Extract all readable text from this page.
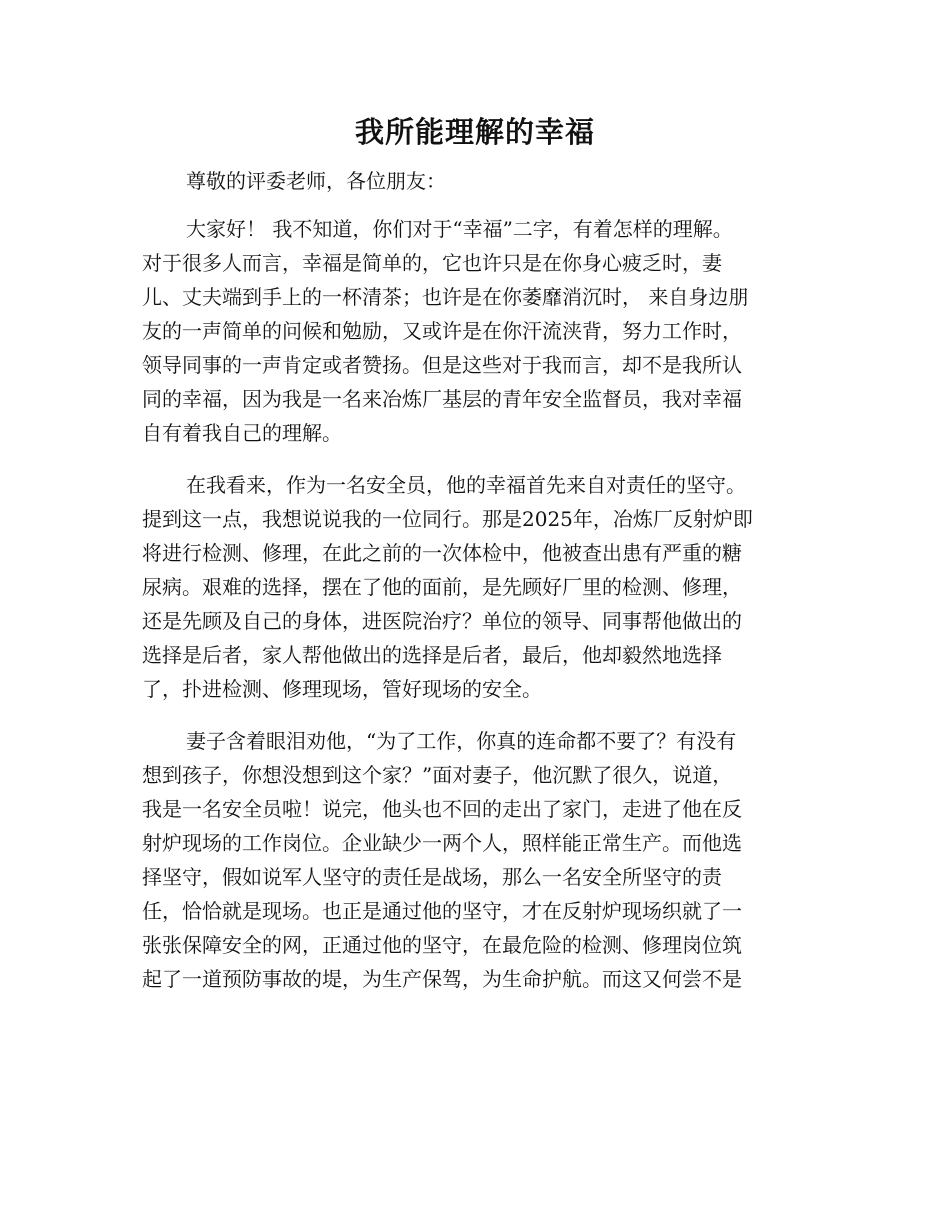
我所能理解的幸福
尊敬的评委老师，各位朋友：
大家好！ 我不知道，你们对于“幸福”二字，有着怎样的理解。
对于很多人而言，幸福是简单的，它也许只是在你身心疲乏时，妻
儿、丈夫端到手上的一杯清茶；也许是在你萎靡消沉时， 来自身边朋
友的一声简单的问候和勉励，又或许是在你汗流浃背，努力工作时，
领导同事的一声肯定或者赞扬。但是这些对于我而言，却不是我所认
同的幸福，因为我是一名来冶炼厂基层的青年安全监督员，我对幸福
自有着我自己的理解。
在我看来，作为一名安全员，他的幸福首先来自对责任的坚守。
提到这一点，我想说说我的一位同行。那是2025年，冶炼厂反射炉即
将进行检测、修理，在此之前的一次体检中，他被查出患有严重的糖
尿病。艰难的选择，摆在了他的面前，是先顾好厂里的检测、修理，
还是先顾及自己的身体，进医院治疗？单位的领导、同事帮他做出的
选择是后者，家人帮他做出的选择是后者，最后，他却毅然地选择
了，扑进检测、修理现场，管好现场的安全。
妻子含着眼泪劝他，“为了工作，你真的连命都不要了？有没有
想到孩子，你想没想到这个家？”面对妻子，他沉默了很久，说道，
我是一名安全员啦！说完，他头也不回的走出了家门，走进了他在反
射炉现场的工作岗位。企业缺少一两个人，照样能正常生产。而他选
择坚守，假如说军人坚守的责任是战场，那么一名安全所坚守的责
任，恰恰就是现场。也正是通过他的坚守，才在反射炉现场织就了一
张张保障安全的网，正通过他的坚守，在最危险的检测、修理岗位筑
起了一道预防事故的堤，为生产保驾，为生命护航。而这又何尝不是
